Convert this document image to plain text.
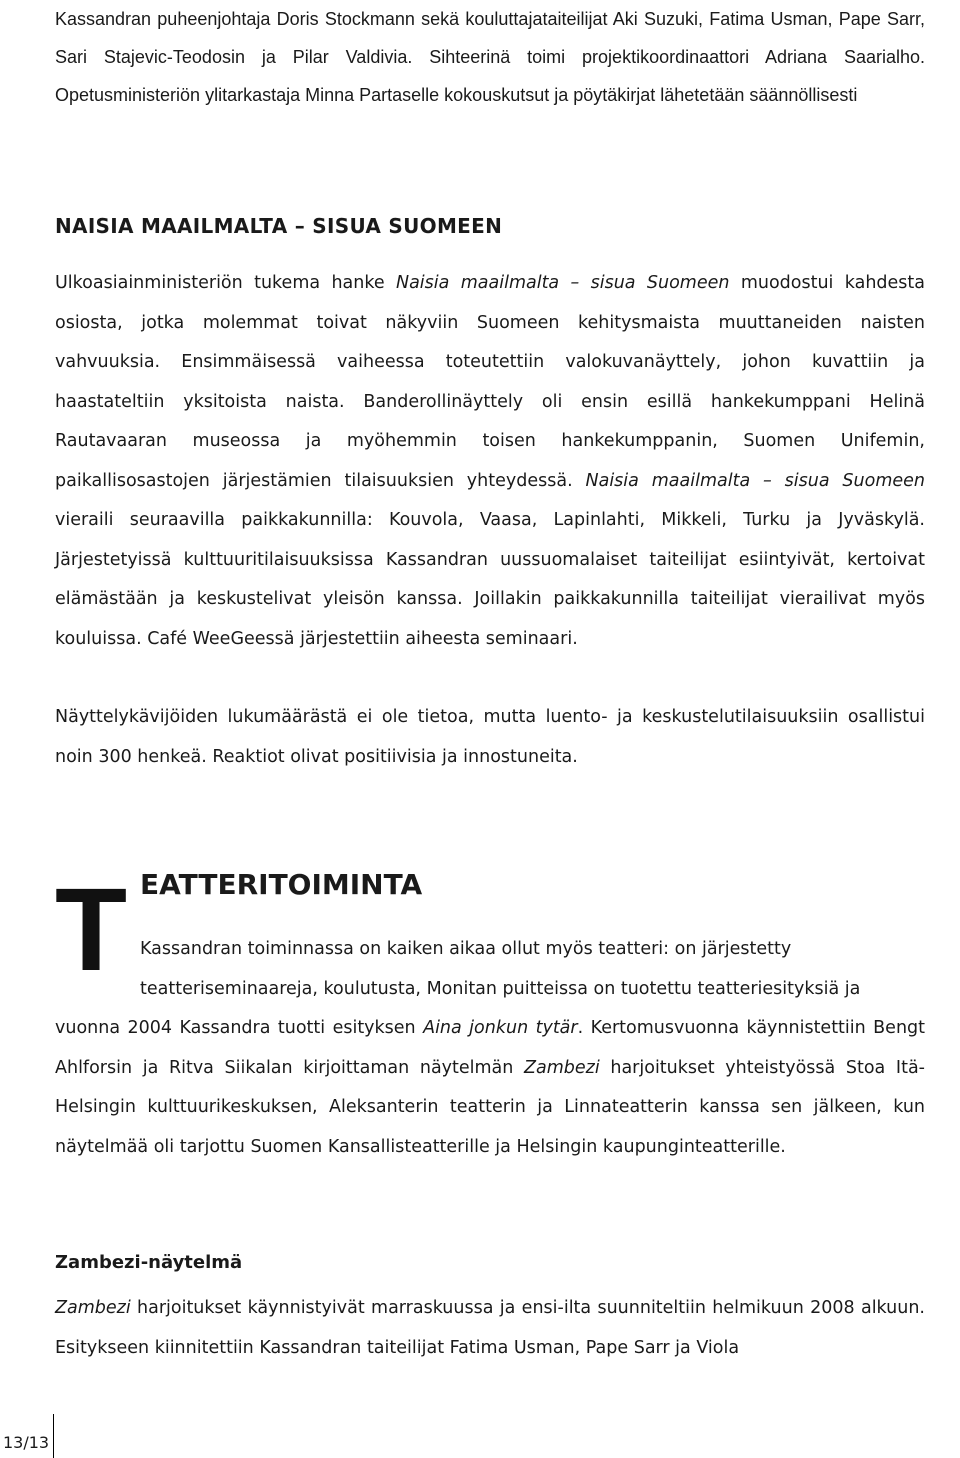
Kassandran puheenjohtaja Doris Stockmann sekä kouluttajataiteilijat Aki Suzuki, Fatima Usman, Pape Sarr, Sari Stajevic-Teodosin ja Pilar Valdivia. Sihteerinä toimi projektikoordinaattori Adriana Saarialho. Opetusministeriön ylitarkastaja Minna Partaselle kokouskutsut ja pöytäkirjat lähetetään säännöllisesti

NAISIA MAAILMALTA – SISUA SUOMEEN

Ulkoasiainministeriön tukema hanke Naisia maailmalta – sisua Suomeen muodostui kahdesta osiosta, jotka molemmat toivat näkyviin Suomeen kehitysmaista muuttaneiden naisten vahvuuksia. Ensimmäisessä vaiheessa toteutettiin valokuvanäyttely, johon kuvattiin ja haastateltiin yksitoista naista. Banderollinäyttely oli ensin esillä hankekumppani Helinä Rautavaaran museossa ja myöhemmin toisen hankekumppanin, Suomen Unifemin, paikallisosastojen järjestämien tilaisuuksien yhteydessä. Naisia maailmalta – sisua Suomeen vieraili seuraavilla paikkakunnilla: Kouvola, Vaasa, Lapinlahti, Mikkeli, Turku ja Jyväskylä. Järjestetyissä kulttuuritilaisuuksissa Kassandran uussuomalaiset taiteilijat esiintyivät, kertoivat elämästään ja keskustelivat yleisön kanssa. Joillakin paikkakunnilla taiteilijat vierailivat myös kouluissa. Café WeeGeessä järjestettiin aiheesta seminaari.

Näyttelykävijöiden lukumäärästä ei ole tietoa, mutta luento- ja keskustelutilaisuuksiin osallistui noin 300 henkeä. Reaktiot olivat positiivisia ja innostuneita.

T EATTERITOIMINTA

Kassandran toiminnassa on kaiken aikaa ollut myös teatteri: on järjestetty teatteriseminaareja, koulutusta, Monitan puitteissa on tuotettu teatteriesityksiä ja

vuonna 2004 Kassandra tuotti esityksen Aina jonkun tytär. Kertomusvuonna käynnistettiin Bengt Ahlforsin ja Ritva Siikalan kirjoittaman näytelmän Zambezi harjoitukset yhteistyössä Stoa Itä-Helsingin kulttuurikeskuksen, Aleksanterin teatterin ja Linnateatterin kanssa sen jälkeen, kun näytelmää oli tarjottu Suomen Kansallisteatterille ja Helsingin kaupunginteatterille.

Zambezi-näytelmä

Zambezi harjoitukset käynnistyivät marraskuussa ja ensi-ilta suunniteltiin helmikuun 2008 alkuun. Esitykseen kiinnitettiin Kassandran taiteilijat Fatima Usman, Pape Sarr ja Viola

13/13
